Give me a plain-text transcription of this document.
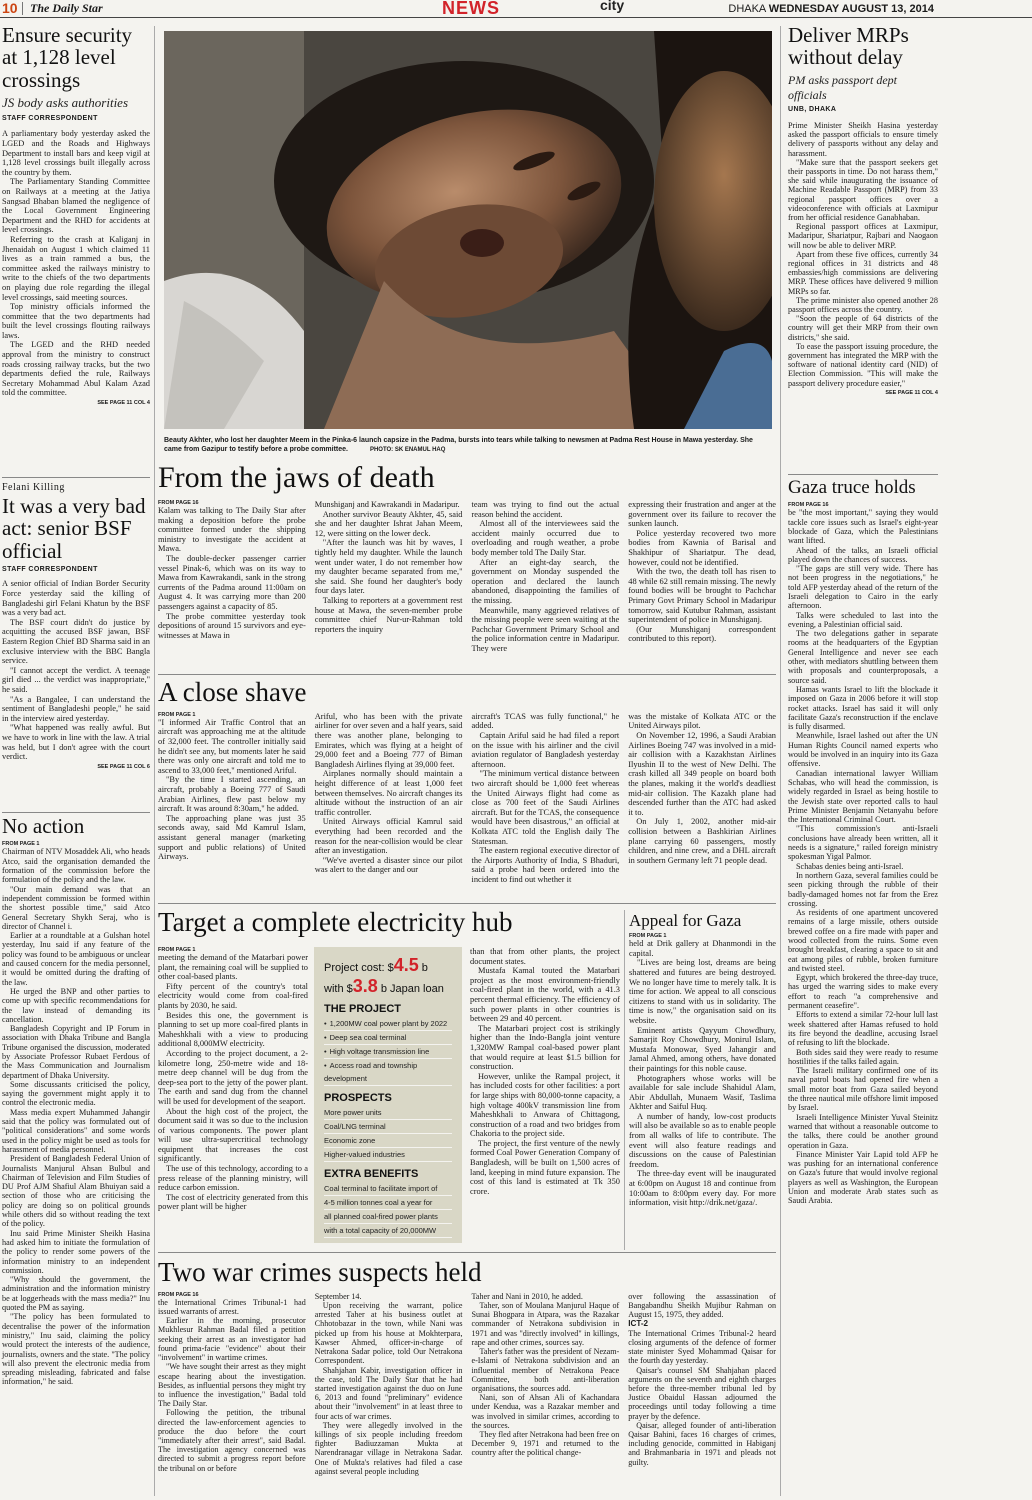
10 The Daily Star	NEWS	city	DHAKA WEDNESDAY AUGUST 13, 2014
Ensure security at 1,128 level crossings
JS body asks authorities
STAFF CORRESPONDENT

A parliamentary body yesterday asked the LGED and the Roads and Highways Department to install bars and keep vigil at 1,128 level crossings built illegally across the country by them.

The Parliamentary Standing Committee on Railways at a meeting at the Jatiya Sangsad Bhaban blamed the negligence of the Local Government Engineering Department and the RHD for accidents at level crossings.

Referring to the crash at Kaliganj in Jhenaidah on August 1 which claimed 11 lives as a train rammed a bus, the committee asked the railways ministry to write to the chiefs of the two departments on playing due role regarding the illegal level crossings, said meeting sources.

Top ministry officials informed the committee that the two departments had built the level crossings flouting railways laws.

The LGED and the RHD needed approval from the ministry to construct roads crossing railway tracks, but the two departments defied the rule, Railways Secretary Mohammad Abul Kalam Azad told the committee.

SEE PAGE 11 COL 4
Felani Killing
It was a very bad act: senior BSF official
STAFF CORRESPONDENT

A senior official of Indian Border Security Force yesterday said the killing of Bangladeshi girl Felani Khatun by the BSF was a very bad act.

The BSF court didn't do justice by acquitting the accused BSF jawan, BSF Eastern Region Chief BD Sharma said in an exclusive interview with the BBC Bangla service.

"I cannot accept the verdict. A teenage girl died ... the verdict was inappropriate," he said.

"As a Bangalee, I can understand the sentiment of Bangladeshi people," he said in the interview aired yesterday.

"What happened was really awful. But we have to work in line with the law. A trial was held, but I don't agree with the court verdict.

SEE PAGE 11 COL 6
No action
FROM PAGE 1

Chairman of NTV Mosaddek Ali, who heads Atco, said the organisation demanded the formation of the commission before the formulation of the policy and the law.

"Our main demand was that an independent commission be formed within the shortest possible time," said Atco General Secretary Shykh Seraj, who is director of Channel i.

Earlier at a roundtable at a Gulshan hotel yesterday, Inu said if any feature of the policy was found to be ambiguous or unclear and caused concern for the media personnel, it would be omitted during the drafting of the law.

He urged the BNP and other parties to come up with specific recommendations for the law instead of demanding its cancellation.

Bangladesh Copyright and IP Forum in association with Dhaka Tribune and Bangla Tribune organised the discussion, moderated by Associate Professor Rubaet Ferdous of the Mass Communication and Journalism department of Dhaka University.

Some discussants criticised the policy, saying the government might apply it to control the electronic media.

Mass media expert Muhammed Jahangir said that the policy was formulated out of "political considerations" and some words used in the policy might be used as tools for harassment of media personnel.

President of Bangladesh Federal Union of Journalists Manjurul Ahsan Bulbul and Chairman of Television and Film Studies of DU Prof AJM Shafiul Alam Bhuiyan said a section of those who are criticising the policy are doing so on political grounds while others did so without reading the text of the policy.

Inu said Prime Minister Sheikh Hasina had asked him to initiate the formulation of the policy to render some powers of the information ministry to an independent commission.

"Why should the government, the administration and the information ministry be at loggerheads with the mass media?" Inu quoted the PM as saying.

"The policy has been formulated to decentralise the power of the information ministry," Inu said, claiming the policy would protect the interests of the audience, journalists, owners and the state. "The policy will also prevent the electronic media from spreading misleading, fabricated and false information," he said.

Beauty Akhter, who lost her daughter Meem in the Pinka-6 launch capsize in the Padma, bursts into tears while talking to newsmen at Padma Rest House in Mawa yesterday. She came from Gazipur to testify before a probe committee.	PHOTO: SK ENAMUL HAQ
Deliver MRPs without delay
PM asks passport dept officials
UNB, DHAKA

Prime Minister Sheikh Hasina yesterday asked the passport officials to ensure timely delivery of passports without any delay and harassment.

"Make sure that the passport seekers get their passports in time. Do not harass them," she said while inaugurating the issuance of Machine Readable Passport (MRP) from 33 regional passport offices over a videoconference with officials at Laxmipur from her official residence Ganabhaban.

Regional passport offices at Laxmipur, Madaripur, Shariatpur, Rajbari and Naogaon will now be able to deliver MRP.

Apart from these five offices, currently 34 regional offices in 31 districts and 48 embassies/high commissions are delivering MRP. These offices have delivered 9 million MRPs so far.

The prime minister also opened another 28 passport offices across the country.

"Soon the people of 64 districts of the country will get their MRP from their own districts," she said.

To ease the passport issuing procedure, the government has integrated the MRP with the software of national identity card (NID) of Election Commission. "This will make the passport delivery procedure easier,"

SEE PAGE 11 COL 4
Gaza truce holds
FROM PAGE 16

be "the most important," saying they would tackle core issues such as Israel's eight-year blockade of Gaza, which the Palestinians want lifted.

Ahead of the talks, an Israeli official played down the chances of success.

"The gaps are still very wide. There has not been progress in the negotiations," he told AFP yesterday ahead of the return of the Israeli delegation to Cairo in the early afternoon.

Talks were scheduled to last into the evening, a Palestinian official said.

The two delegations gather in separate rooms at the headquarters of the Egyptian General Intelligence and never see each other, with mediators shuttling between them with proposals and counterproposals, a source said.

Hamas wants Israel to lift the blockade it imposed on Gaza in 2006 before it will stop rocket attacks. Israel has said it will only facilitate Gaza's reconstruction if the enclave is fully disarmed.

Meanwhile, Israel lashed out after the UN Human Rights Council named experts who would be involved in an inquiry into its Gaza offensive.

Canadian international lawyer William Schabas, who will head the commission, is widely regarded in Israel as being hostile to the Jewish state over reported calls to haul Prime Minister Benjamin Netanyahu before the International Criminal Court.

"This commission's anti-Israeli conclusions have already been written, all it needs is a signature," railed foreign ministry spokesman Yigal Palmor.

Schabas denies being anti-Israel.

In northern Gaza, several families could be seen picking through the rubble of their badly-damaged homes not far from the Erez crossing.

As residents of one apartment uncovered remains of a large missile, others outside brewed coffee on a fire made with paper and wood collected from the ruins. Some even brought breakfast, clearing a space to sit and eat among piles of rubble, broken furniture and twisted steel.

Egypt, which brokered the three-day truce, has urged the warring sides to make every effort to reach "a comprehensive and permanent ceasefire".

Efforts to extend a similar 72-hour lull last week shattered after Hamas refused to hold its fire beyond the deadline, accusing Israel of refusing to lift the blockade.

Both sides said they were ready to resume hostilities if the talks failed again.

The Israeli military confirmed one of its naval patrol boats had opened fire when a small motor boat from Gaza sailed beyond the three nautical mile offshore limit imposed by Israel.

Israeli Intelligence Minister Yuval Steinitz warned that without a reasonable outcome to the talks, there could be another ground operation in Gaza.

Finance Minister Yair Lapid told AFP he was pushing for an international conference on Gaza's future that would involve regional players as well as Washington, the European Union and moderate Arab states such as Saudi Arabia.

From the jaws of death
FROM PAGE 16

Kalam was talking to The Daily Star after making a deposition before the probe committee formed under the shipping ministry to investigate the accident at Mawa.

The double-decker passenger carrier vessel Pinak-6, which was on its way to Mawa from Kawrakandi, sank in the strong currents of the Padma around 11:00am on August 4. It was carrying more than 200 passengers against a capacity of 85.

The probe committee yesterday took depositions of around 15 survivors and eye-witnesses at Mawa in

Munshiganj and Kawrakandi in Madaripur.

Another survivor Beauty Akhter, 45, said she and her daughter Ishrat Jahan Meem, 12, were sitting on the lower deck.

"After the launch was hit by waves, I tightly held my daughter. While the launch went under water, I do not remember how my daughter became separated from me," she said. She found her daughter's body four days later.

Talking to reporters at a government rest house at Mawa, the seven-member probe committee chief Nur-ur-Rahman told reporters the inquiry

team was trying to find out the actual reason behind the accident.

Almost all of the interviewees said the accident mainly occurred due to overloading and rough weather, a probe body member told The Daily Star.

After an eight-day search, the government on Monday suspended the operation and declared the launch abandoned, disappointing the families of the missing.

Meanwhile, many aggrieved relatives of the missing people were seen waiting at the Pachchar Government Primary School and the police information centre in Madaripur. They were

expressing their frustration and anger at the government over its failure to recover the sunken launch.

Police yesterday recovered two more bodies from Kawnia of Barisal and Shakhipur of Shariatpur. The dead, however, could not be identified.

With the two, the death toll has risen to 48 while 62 still remain missing. The newly found bodies will be brought to Pachchar Primary Govt Primary School in Madaripur tomorrow, said Kutubur Rahman, assistant superintendent of police in Munshiganj.

(Our Munshiganj correspondent contributed to this report).

A close shave
FROM PAGE 1

"I informed Air Traffic Control that an aircraft was approaching me at the altitude of 32,000 feet. The controller initially said he didn't see any, but moments later he said there was only one aircraft and told me to ascend to 33,000 feet," mentioned Ariful.

"By the time I started ascending, an aircraft, probably a Boeing 777 of Saudi Arabian Airlines, flew past below my aircraft. It was around 8:30am," he added.

The approaching plane was just 35 seconds away, said Md Kamrul Islam, assistant general manager (marketing support and public relations) of United Airways.

Ariful, who has been with the private airliner for over seven and a half years, said there was another plane, belonging to Emirates, which was flying at a height of 29,000 feet and a Boeing 777 of Biman Bangladesh Airlines flying at 39,000 feet.

Airplanes normally should maintain a height difference of at least 1,000 feet between themselves. No aircraft changes its altitude without the instruction of an air traffic controller.

United Airways official Kamrul said everything had been recorded and the reason for the near-collision would be clear after an investigation.

"We've averted a disaster since our pilot was alert to the danger and our

aircraft's TCAS was fully functional," he added.

Captain Ariful said he had filed a report on the issue with his airliner and the civil aviation regulator of Bangladesh yesterday afternoon.

"The minimum vertical distance between two aircraft should be 1,000 feet whereas the United Airways flight had come as close as 700 feet of the Saudi Airlines aircraft. But for the TCAS, the consequence would have been disastrous," an official at Kolkata ATC told the English daily The Statesman.

The eastern regional executive director of the Airports Authority of India, S Bhaduri, said a probe had been ordered into the incident to find out whether it

was the mistake of Kolkata ATC or the United Airways pilot.

On November 12, 1996, a Saudi Arabian Airlines Boeing 747 was involved in a mid-air collision with a Kazakhstan Airlines Ilyushin II to the west of New Delhi. The crash killed all 349 people on board both the planes, making it the world's deadliest mid-air collision. The Kazakh plane had descended further than the ATC had asked it to.

On July 1, 2002, another mid-air collision between a Bashkirian Airlines plane carrying 60 passengers, mostly children, and nine crew, and a DHL aircraft in southern Germany left 71 people dead.

Target a complete electricity hub
FROM PAGE 1

meeting the demand of the Matarbari power plant, the remaining coal will be supplied to other coal-based plants.

Fifty percent of the country's total electricity would come from coal-fired plants by 2030, he said.

Besides this one, the government is planning to set up more coal-fired plants in Maheshkhali with a view to producing additional 8,000MW electricity.

According to the project document, a 2-kilometre long, 250-metre wide and 18-metre deep channel will be dug from the deep-sea port to the jetty of the power plant. The earth and sand dug from the channel will be used for development of the seaport.

About the high cost of the project, the document said it was so due to the inclusion of various components. The power plant will use ultra-supercritical technology equipment that increases the cost significantly.

The use of this technology, according to a press release of the planning ministry, will reduce carbon emission.

The cost of electricity generated from this power plant will be higher

Project cost: $4.5 b
with $3.8 b Japan loan
THE PROJECT
• 1,200MW coal power plant by 2022
• Deep sea coal terminal
• High voltage transmission line
• Access road and township development
PROSPECTS
More power units
Coal/LNG terminal
Economic zone
Higher-valued industries
EXTRA BENEFITS
Coal terminal to facilitate import of
4-5 million tonnes coal a year for
all planned coal-fired power plants
with a total capacity of 20,000MW

than that from other plants, the project document states.

Mustafa Kamal touted the Matarbari project as the most environment-friendly coal-fired plant in the world, with a 41.3 percent thermal efficiency. The efficiency of such power plants in other countries is between 29 and 40 percent.

The Matarbari project cost is strikingly higher than the Indo-Bangla joint venture 1,320MW Rampal coal-based power plant that would require at least $1.5 billion for construction.

However, unlike the Rampal project, it has included costs for other facilities: a port for large ships with 80,000-tonne capacity, a high voltage 400kV transmission line from Maheshkhali to Anwara of Chittagong, construction of a road and two bridges from Chakoria to the project side.

The project, the first venture of the newly formed Coal Power Generation Company of Bangladesh, will be built on 1,500 acres of land, keeping in mind future expansion. The cost of this land is estimated at Tk 350 crore.

Appeal for Gaza
FROM PAGE 1

held at Drik gallery at Dhanmondi in the capital.

"Lives are being lost, dreams are being shattered and futures are being destroyed. We no longer have time to merely talk. It is time for action. We appeal to all conscious citizens to stand with us in solidarity. The time is now," the organisation said on its website.

Eminent artists Qayyum Chowdhury, Samarjit Roy Chowdhury, Monirul Islam, Mustafa Monowar, Syed Jahangir and Jamal Ahmed, among others, have donated their paintings for this noble cause.

Photographers whose works will be available for sale include Shahidul Alam, Abir Abdullah, Munaem Wasif, Taslima Akhter and Saiful Huq.

A number of handy, low-cost products will also be available so as to enable people from all walks of life to contribute. The event will also feature readings and discussions on the cause of Palestinian freedom.

The three-day event will be inaugurated at 6:00pm on August 18 and continue from 10:00am to 8:00pm every day. For more information, visit http://drik.net/gaza/.

Two war crimes suspects held
FROM PAGE 16

the International Crimes Tribunal-1 had issued warrants of arrest.

Earlier in the morning, prosecutor Mukhlesur Rahman Badal filed a petition seeking their arrest as an investigator had found prima-facie "evidence" about their "involvement" in wartime crimes.

"We have sought their arrest as they might escape hearing about the investigation. Besides, as influential persons they might try to influence the investigation," Badal told The Daily Star.

Following the petition, the tribunal directed the law-enforcement agencies to produce the duo before the court "immediately after their arrest", said Badal. The investigation agency concerned was directed to submit a progress report before the tribunal on or before

September 14.

Upon receiving the warrant, police arrested Taher at his business outlet at Chhotobazar in the town, while Nani was picked up from his house at Mokhterpara, Kawser Ahmed, officer-in-charge of Netrakona Sadar police, told Our Netrakona Correspondent.

Shahjahan Kabir, investigation officer in the case, told The Daily Star that he had started investigation against the duo on June 6, 2013 and found "preliminary" evidence about their "involvement" in at least three to four acts of war crimes.

They were allegedly involved in the killings of six people including freedom fighter Badiuzzaman Mukta at Narendranagar village in Netrakona Sadar. One of Mukta's relatives had filed a case against several people including

Taher and Nani in 2010, he added.

Taher, son of Moulana Manjurul Haque of Sunai Bhogpara in Atpara, was the Razakar commander of Netrakona subdivision in 1971 and was "directly involved" in killings, rape and other crimes, sources say.

Taher's father was the president of Nezam-e-Islami of Netrakona subdivision and an influential member of Netrakona Peace Committee, both anti-liberation organisations, the sources add.

Nani, son of Ahsan Ali of Kachandara under Kendua, was a Razakar member and was involved in similar crimes, according to the sources.

They fled after Netrakona had been free on December 9, 1971 and returned to the country after the political change-

over following the assassination of Bangabandhu Sheikh Mujibur Rahman on August 15, 1975, they added.

ICT-2

The International Crimes Tribunal-2 heard closing arguments of the defence of former state minister Syed Mohammad Qaisar for the fourth day yesterday.

Qaisar's counsel SM Shahjahan placed arguments on the seventh and eighth charges before the three-member tribunal led by Justice Obaidul Hassan adjourned the proceedings until today following a time prayer by the defence.

Qaisar, alleged founder of anti-liberation Qaisar Bahini, faces 16 charges of crimes, including genocide, committed in Habiganj and Brahmanbaria in 1971 and pleads not guilty.
